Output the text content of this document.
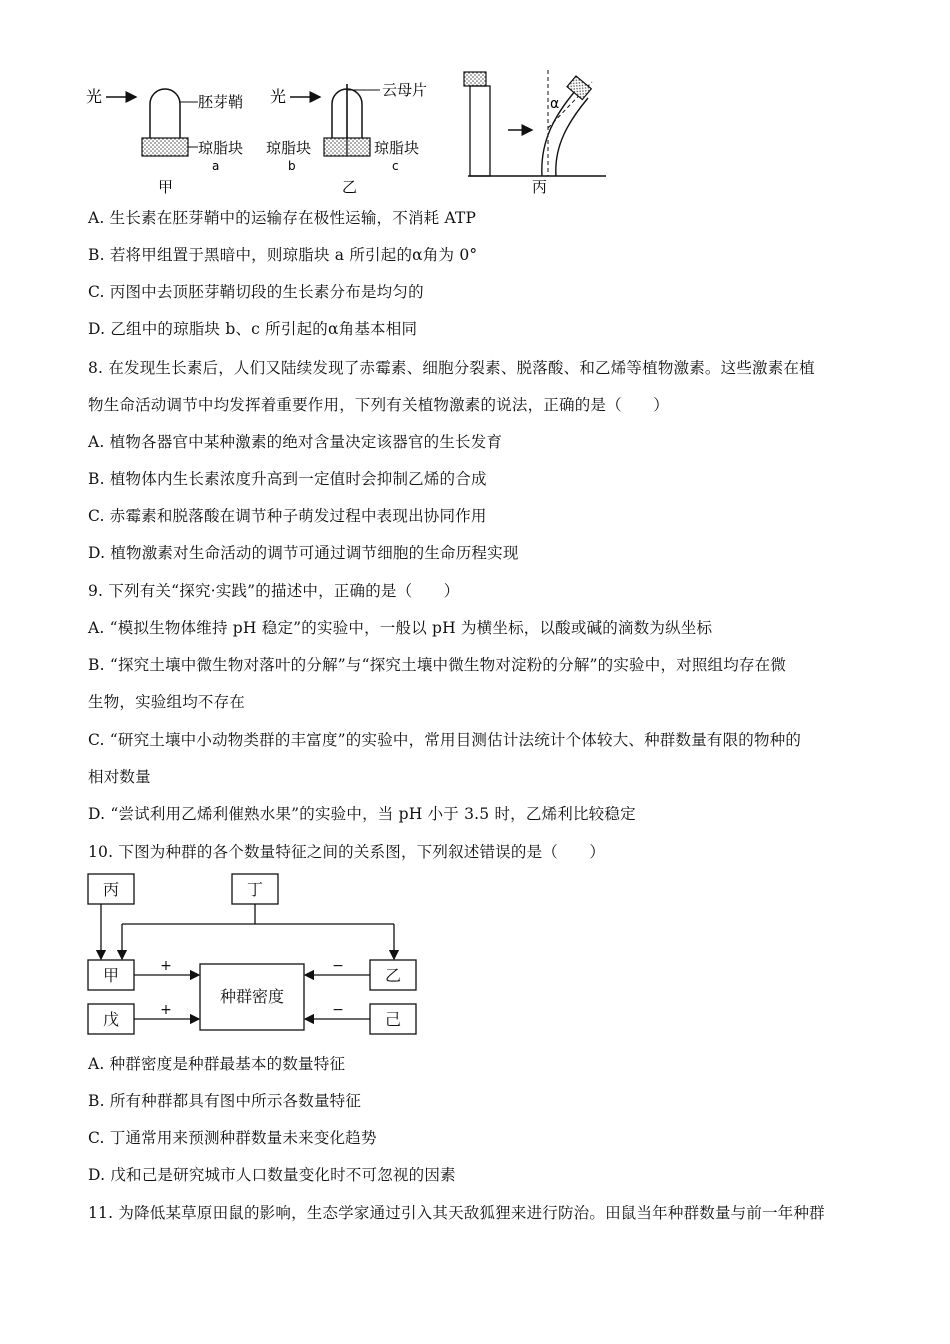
光	胚芽鞘
琼脂块
a
甲
光	云母片
琼脂块	琼脂块
b	c
乙
α
丙
A. 生长素在胚芽鞘中的运输存在极性运输，不消耗 ATP
B. 若将甲组置于黑暗中，则琼脂块 a 所引起的α角为 0°
C. 丙图中去顶胚芽鞘切段的生长素分布是均匀的
D. 乙组中的琼脂块 b、c 所引起的α角基本相同
8. 在发现生长素后，人们又陆续发现了赤霉素、细胞分裂素、脱落酸、和乙烯等植物激素。这些激素在植
物生命活动调节中均发挥着重要作用，下列有关植物激素的说法，正确的是（　　）
A. 植物各器官中某种激素的绝对含量决定该器官的生长发育
B. 植物体内生长素浓度升高到一定值时会抑制乙烯的合成
C. 赤霉素和脱落酸在调节种子萌发过程中表现出协同作用
D. 植物激素对生命活动的调节可通过调节细胞的生命历程实现
9. 下列有关“探究·实践”的描述中，正确的是（　　）
A. “模拟生物体维持 pH 稳定”的实验中，一般以 pH 为横坐标，以酸或碱的滴数为纵坐标
B. “探究土壤中微生物对落叶的分解”与“探究土壤中微生物对淀粉的分解”的实验中，对照组均存在微
生物，实验组均不存在
C. “研究土壤中小动物类群的丰富度”的实验中，常用目测估计法统计个体较大、种群数量有限的物种的
相对数量
D. “尝试利用乙烯利催熟水果”的实验中，当 pH 小于 3.5 时，乙烯利比较稳定
10. 下图为种群的各个数量特征之间的关系图，下列叙述错误的是（　　）
丙	丁
甲
戊
乙
己
种群密度
+
+
−
−
A. 种群密度是种群最基本的数量特征
B. 所有种群都具有图中所示各数量特征
C. 丁通常用来预测种群数量未来变化趋势
D. 戊和己是研究城市人口数量变化时不可忽视的因素
11. 为降低某草原田鼠的影响，生态学家通过引入其天敌狐狸来进行防治。田鼠当年种群数量与前一年种群
